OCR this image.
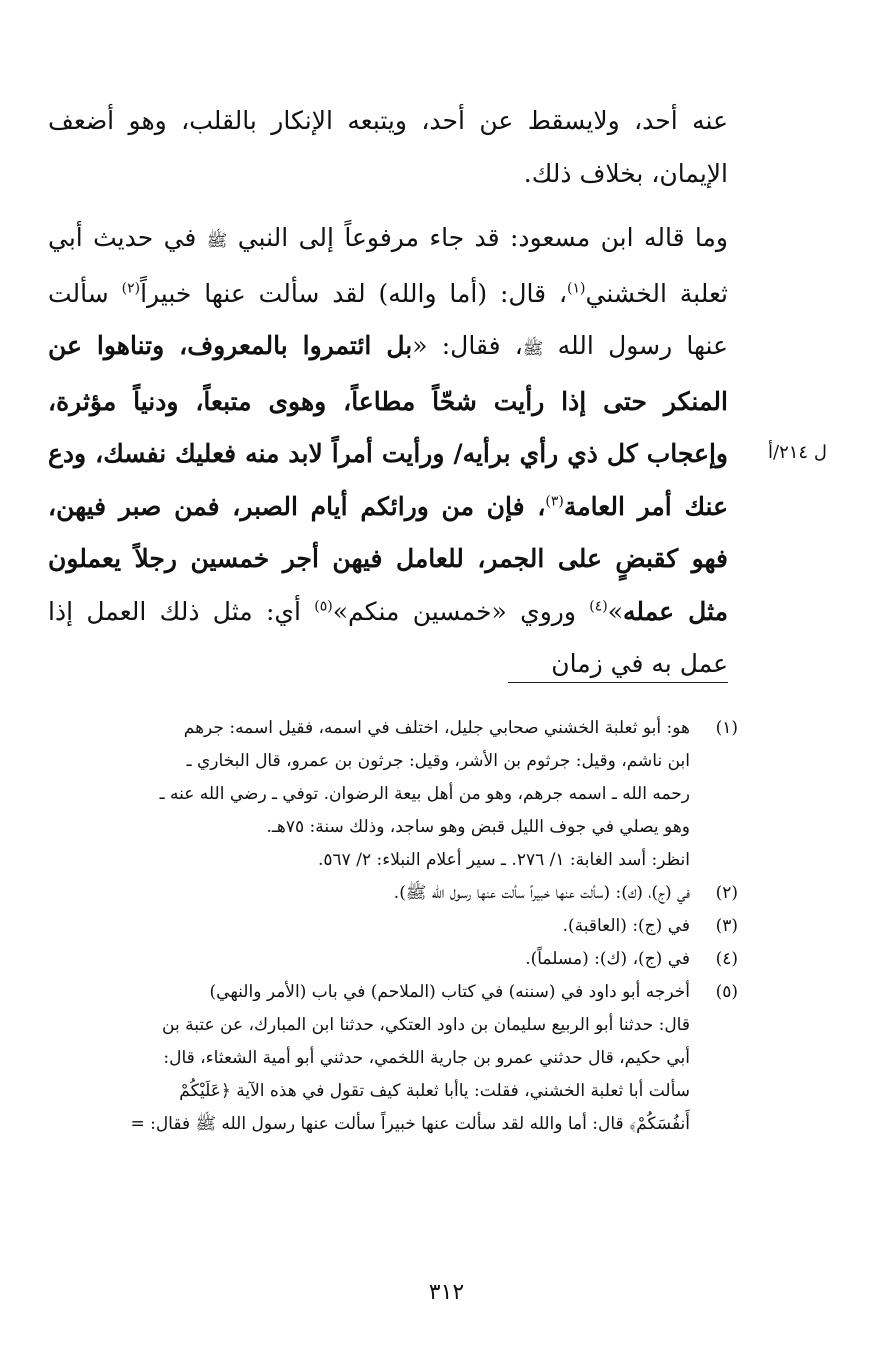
عنه أحد، ولايسقط عن أحد، ويتبعه الإنكار بالقلب، وهو أضعف الإيمان، بخلاف ذلك.

وما قاله ابن مسعود: قد جاء مرفوعاً إلى النبي ﷺ في حديث أبي ثعلبة الخشني$^{(١)}$، قال: (أما والله) لقد سألت عنها خبيراً$^{(٢)}$ سألت عنها رسول الله ﷺ، فقال: «بل ائتمروا بالمعروف، وتناهوا عن المنكر حتى إذا رأيت شحّاً مطاعاً، وهوى متبعاً، ودنياً مؤثرة، وإعجاب كل ذي رأي برأيه/ ورأيت أمراً لابد منه فعليك نفسك، ودع عنك أمر العامة$^{(٣)}$، فإن من ورائكم أيام الصبر، فمن صبر فيهن، فهو كقبضٍ على الجمر، للعامل فيهن أجر خمسين رجلاً يعملون مثل عمله»$^{(٤)}$ وروي «خمسين منكم»$^{(٥)}$ أي: مثل ذلك العمل إذا عمل به في زمان

ل ٢١٤/أ
(١)
هو: أبو ثعلبة الخشني صحابي جليل، اختلف في اسمه، فقيل اسمه: جرهم
ابن ناشم، وقيل: جرثوم بن الأشر، وقيل: جرثون بن عمرو، قال البخاري ـ
رحمه الله ـ اسمه جرهم، وهو من أهل بيعة الرضوان. توفي ـ رضي الله عنه ـ
وهو يصلي في جوف الليل قبض وهو ساجد، وذلك سنة: ٧٥هـ.
انظر: أسد الغابة: ١/ ٢٧٦. ـ سير أعلام النبلاء: ٢/ ٥٦٧.
(٢)
في (ج)، (ك): (سألت عنها خبيراً سألت عنها رسول الله ﷺ).
(٣)
في (ج): (العاقبة).
(٤)
في (ج)، (ك): (مسلماً).
(٥)
أخرجه أبو داود في (سننه) في كتاب (الملاحم) في باب (الأمر والنهي)
قال: حدثنا أبو الربيع سليمان بن داود العتكي، حدثنا ابن المبارك، عن عتبة بن
أبي حكيم، قال حدثني عمرو بن جارية اللخمي، حدثني أبو أمية الشعثاء، قال:
سألت أبا ثعلبة الخشني، فقلت: ياأبا ثعلبة كيف تقول في هذه الآية ﴿عَلَيْكُمْ
أَنفُسَكُمْ﴾ قال: أما والله لقد سألت عنها خبيراً سألت عنها رسول الله ﷺ فقال: =
٣١٢
